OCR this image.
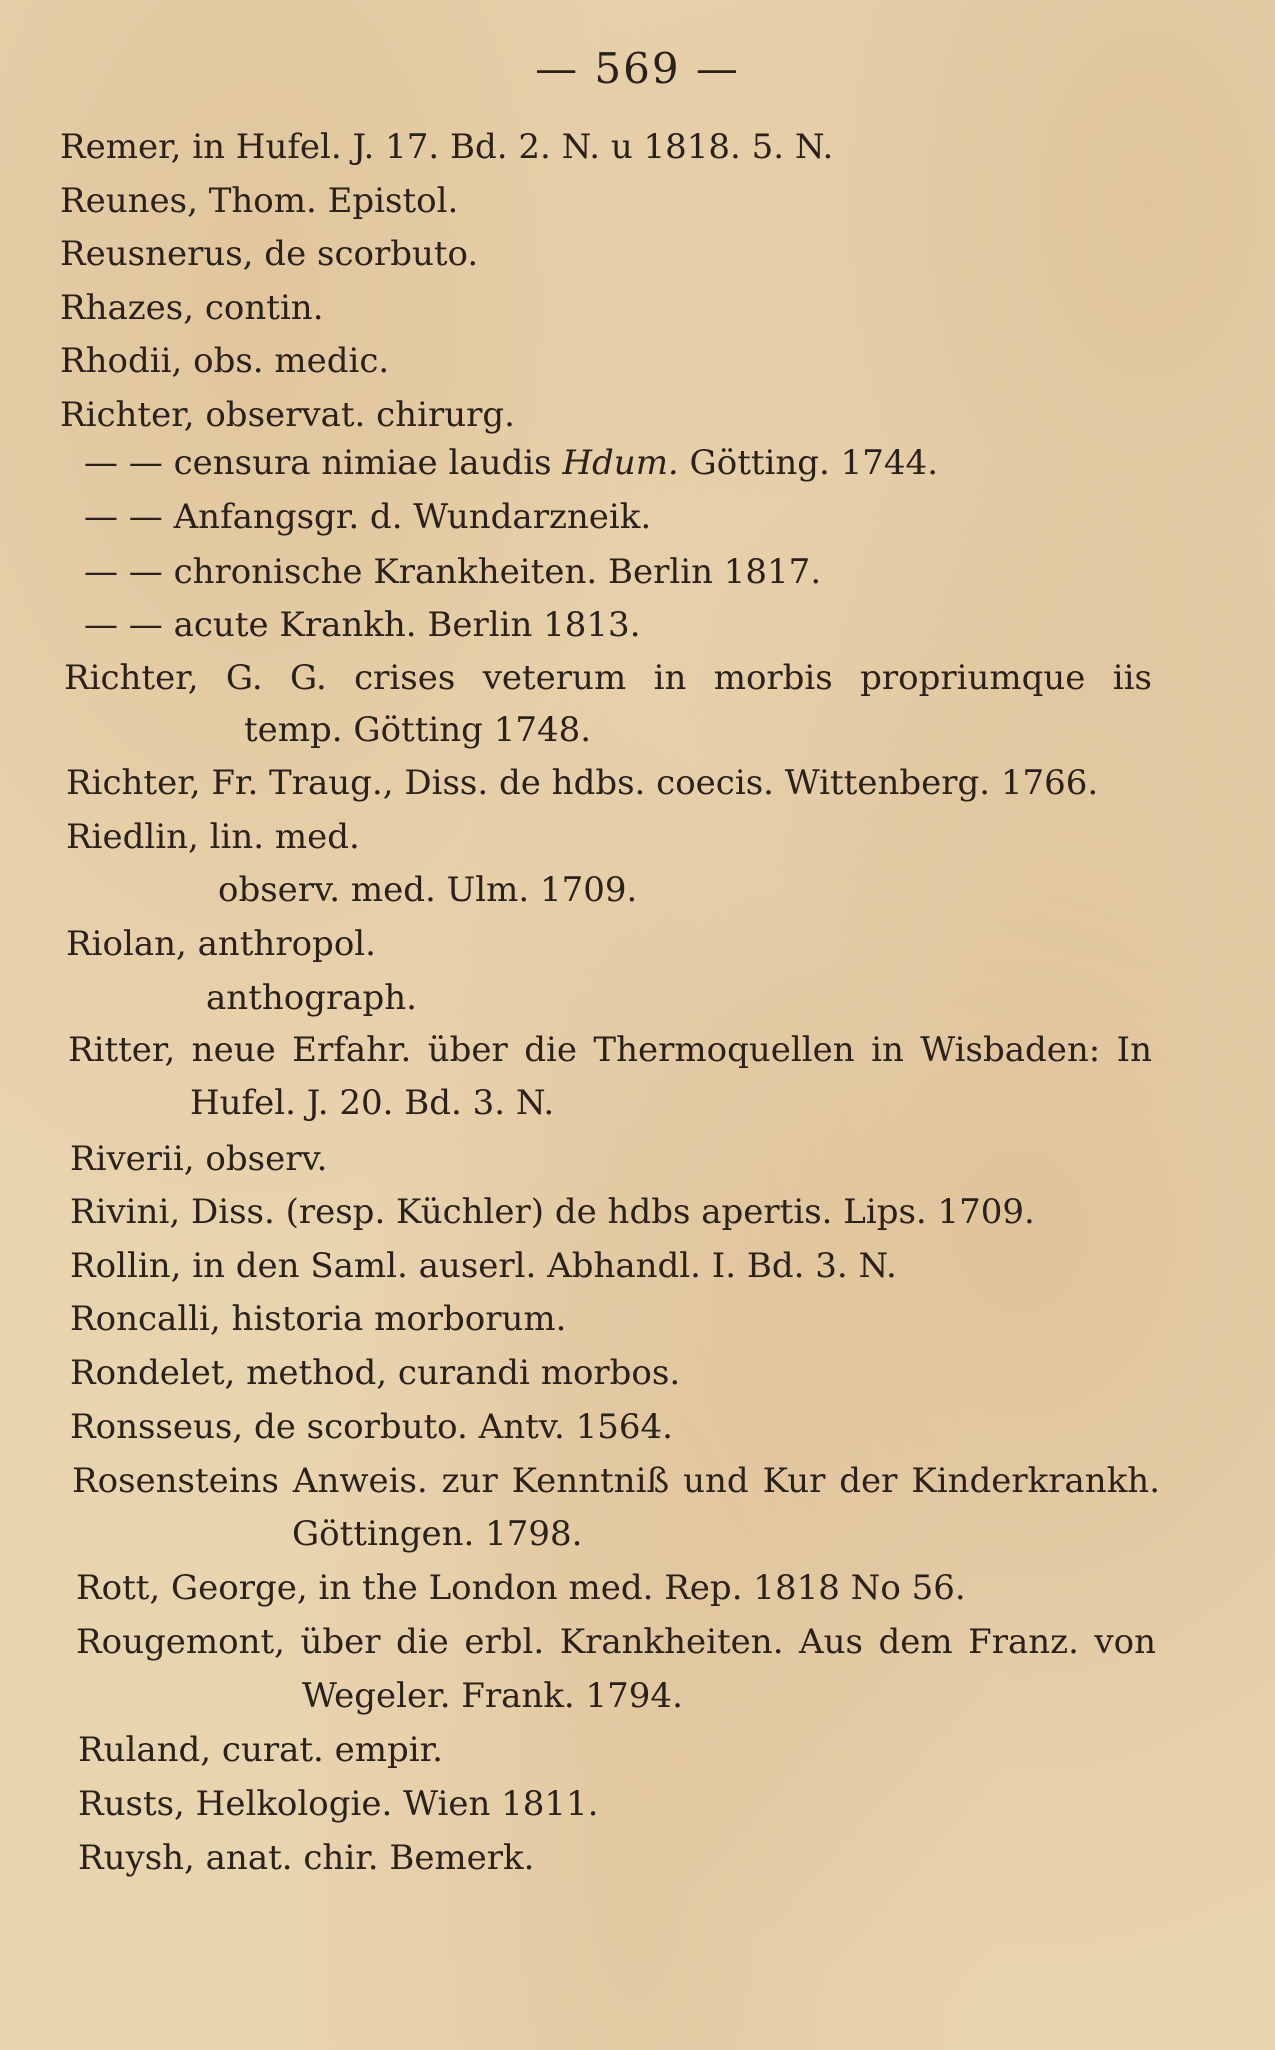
— 569 —
Remer, in Hufel. J. 17. Bd. 2. N. u 1818. 5. N.
Reunes, Thom. Epistol.
Reusnerus, de scorbuto.
Rhazes, contin.
Rhodii, obs. medic.
Richter, observat. chirurg.
— — censura nimiae laudis Hdum. Götting. 1744.
— — Anfangsgr. d. Wundarzneik.
— — chronische Krankheiten. Berlin 1817.
— — acute Krankh. Berlin 1813.
Richter, G. G. crises veterum in morbis propriumque iis
temp. Götting 1748.
Richter, Fr. Traug., Diss. de hdbs. coecis. Wittenberg. 1766.
Riedlin, lin. med.
observ. med. Ulm. 1709.
Riolan, anthropol.
anthograph.
Ritter, neue Erfahr. über die Thermoquellen in Wisbaden: In
Hufel. J. 20. Bd. 3. N.
Riverii, observ.
Rivini, Diss. (resp. Küchler) de hdbs apertis. Lips. 1709.
Rollin, in den Saml. auserl. Abhandl. I. Bd. 3. N.
Roncalli, historia morborum.
Rondelet, method, curandi morbos.
Ronsseus, de scorbuto. Antv. 1564.
Rosensteins Anweis. zur Kenntniß und Kur der Kinderkrankh.
Göttingen. 1798.
Rott, George, in the London med. Rep. 1818 No 56.
Rougemont, über die erbl. Krankheiten. Aus dem Franz. von
Wegeler. Frank. 1794.
Ruland, curat. empir.
Rusts, Helkologie. Wien 1811.
Ruysh, anat. chir. Bemerk.
